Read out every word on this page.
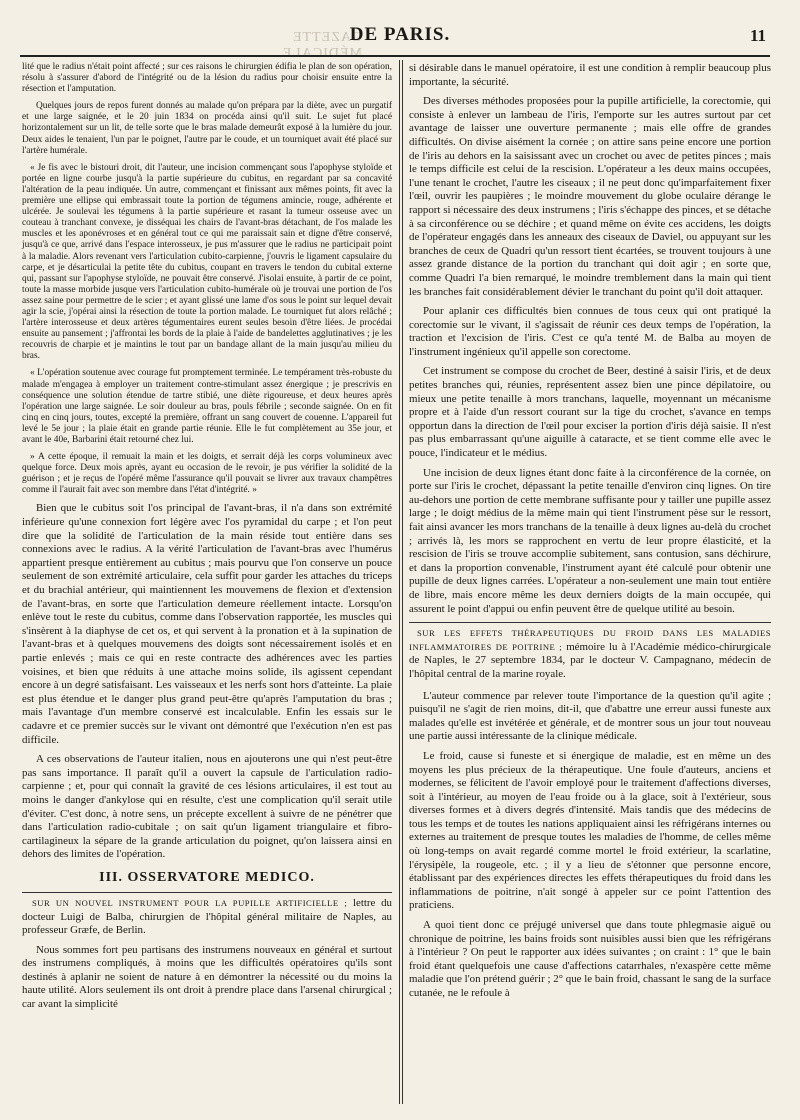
GAZETTE MÉDICALE
DE PARIS.	11

lité que le radius n'était point affecté ; sur ces raisons le chirurgien édifia le plan de son opération, résolu à s'assurer d'abord de l'intégrité ou de la lésion du radius pour choisir ensuite entre la résection et l'amputation.

Quelques jours de repos furent donnés au malade qu'on prépara par la diète, avec un purgatif et une large saignée, et le 20 juin 1834 on procéda ainsi qu'il suit. Le sujet fut placé horizontalement sur un lit, de telle sorte que le bras malade demeurât exposé à la lumière du jour. Deux aides le tenaient, l'un par le poignet, l'autre par le coude, et un tourniquet avait été placé sur l'artère humérale.

« Je fis avec le bistouri droit, dit l'auteur, une incision commençant sous l'apophyse styloïde et portée en ligne courbe jusqu'à la partie supérieure du cubitus, en regardant par sa concavité l'altération de la peau indiquée. Un autre, commençant et finissant aux mêmes points, fit avec la première une ellipse qui embrassait toute la portion de tégumens amincie, rouge, adhérente et ulcérée. Je soulevai les tégumens à la partie supérieure et rasant la tumeur osseuse avec un couteau à tranchant convexe, je disséquai les chairs de l'avant-bras détachant, de l'os malade les muscles et les aponévroses et en général tout ce qui me paraissait sain et digne d'être conservé, jusqu'à ce que, arrivé dans l'espace interosseux, je pus m'assurer que le radius ne participait point à la maladie. Alors revenant vers l'articulation cubito-carpienne, j'ouvris le ligament capsulaire du carpe, et je désarticulai la petite tête du cubitus, coupant en travers le tendon du cubital externe qui, passant sur l'apophyse styloïde, ne pouvait être conservé. J'isolai ensuite, à partir de ce point, toute la masse morbide jusque vers l'articulation cubito-humérale où je trouvai une portion de l'os assez saine pour permettre de le scier ; et ayant glissé une lame d'os sous le point sur lequel devait agir la scie, j'opérai ainsi la résection de toute la portion malade. Le tourniquet fut alors relâché ; l'artère interosseuse et deux artères tégumentaires eurent seules besoin d'être liées. Je procédai ensuite au pansement ; j'affrontai les bords de la plaie à l'aide de bandelettes agglutinatives ; je les recouvris de charpie et je maintins le tout par un bandage allant de la main jusqu'au milieu du bras.

« L'opération soutenue avec courage fut promptement terminée. Le tempérament très-robuste du malade m'engagea à employer un traitement contre-stimulant assez énergique ; je prescrivis en conséquence une solution étendue de tartre stibié, une diète rigoureuse, et deux heures après l'opération une large saignée. Le soir douleur au bras, pouls fébrile ; seconde saignée. On en fit cinq en cinq jours, toutes, excepté la première, offrant un sang couvert de couenne. L'appareil fut levé le 5e jour ; la plaie était en grande partie réunie. Elle le fut complètement au 35e jour, et avant le 40e, Barbarini était retourné chez lui.

» A cette époque, il remuait la main et les doigts, et serrait déjà les corps volumineux avec quelque force. Deux mois après, ayant eu occasion de le revoir, je pus vérifier la solidité de la guérison ; et je reçus de l'opéré même l'assurance qu'il pouvait se livrer aux travaux champêtres comme il l'aurait fait avec son membre dans l'état d'intégrité. »

Bien que le cubitus soit l'os principal de l'avant-bras, il n'a dans son extrémité inférieure qu'une connexion fort légère avec l'os pyramidal du carpe ; et l'on peut dire que la solidité de l'articulation de la main réside tout entière dans ses connexions avec le radius. A la vérité l'articulation de l'avant-bras avec l'humérus appartient presque entièrement au cubitus ; mais pourvu que l'on conserve un pouce seulement de son extrémité articulaire, cela suffit pour garder les attaches du triceps et du brachial antérieur, qui maintiennent les mouvemens de flexion et d'extension de l'avant-bras, en sorte que l'articulation demeure réellement intacte. Lorsqu'on enlève tout le reste du cubitus, comme dans l'observation rapportée, les muscles qui s'insèrent à la diaphyse de cet os, et qui servent à la pronation et à la supination de l'avant-bras et à quelques mouvemens des doigts sont nécessairement isolés et en partie enlevés ; mais ce qui en reste contracte des adhérences avec les parties voisines, et bien que réduits à une attache moins solide, ils agissent cependant encore à un degré satisfaisant. Les vaisseaux et les nerfs sont hors d'atteinte. La plaie est plus étendue et le danger plus grand peut-être qu'après l'amputation du bras ; mais l'avantage d'un membre conservé est incalculable. Enfin les essais sur le cadavre et ce premier succès sur le vivant ont démontré que l'exécution n'en est pas difficile.

A ces observations de l'auteur italien, nous en ajouterons une qui n'est peut-être pas sans importance. Il paraît qu'il a ouvert la capsule de l'articulation radio-carpienne ; et, pour qui connaît la gravité de ces lésions articulaires, il est tout au moins le danger d'ankylose qui en résulte, c'est une complication qu'il serait utile d'éviter. C'est donc, à notre sens, un précepte excellent à suivre de ne pénétrer que dans l'articulation radio-cubitale ; on sait qu'un ligament triangulaire et fibro-cartilagineux la sépare de la grande articulation du poignet, qu'on laissera ainsi en dehors des limites de l'opération.

III. OSSERVATORE MEDICO.

SUR UN NOUVEL INSTRUMENT POUR LA PUPILLE ARTIFICIELLE ; lettre du docteur Luigi de Balba, chirurgien de l'hôpital général militaire de Naples, au professeur Græfe, de Berlin.

Nous sommes fort peu partisans des instrumens nouveaux en général et surtout des instrumens compliqués, à moins que les difficultés opératoires qu'ils sont destinés à aplanir ne soient de nature à en démontrer la nécessité ou du moins la haute utilité. Alors seulement ils ont droit à prendre place dans l'arsenal chirurgical ; car avant la simplicité

si désirable dans le manuel opératoire, il est une condition à remplir beaucoup plus importante, la sécurité.

Des diverses méthodes proposées pour la pupille artificielle, la corectomie, qui consiste à enlever un lambeau de l'iris, l'emporte sur les autres surtout par cet avantage de laisser une ouverture permanente ; mais elle offre de grandes difficultés. On divise aisément la cornée ; on attire sans peine encore une portion de l'iris au dehors en la saisissant avec un crochet ou avec de petites pinces ; mais le temps difficile est celui de la rescision. L'opérateur a les deux mains occupées, l'une tenant le crochet, l'autre les ciseaux ; il ne peut donc qu'imparfaitement fixer l'œil, ouvrir les paupières ; le moindre mouvement du globe oculaire dérange le rapport si nécessaire des deux instrumens ; l'iris s'échappe des pinces, et se détache à sa circonférence ou se déchire ; et quand même on évite ces accidens, les doigts de l'opérateur engagés dans les anneaux des ciseaux de Daviel, ou appuyant sur les branches de ceux de Quadri qu'un ressort tient écartées, se trouvent toujours à une assez grande distance de la portion du tranchant qui doit agir ; en sorte que, comme Quadri l'a bien remarqué, le moindre tremblement dans la main qui tient les branches fait considérablement dévier le tranchant du point qu'il doit attaquer.

Pour aplanir ces difficultés bien connues de tous ceux qui ont pratiqué la corectomie sur le vivant, il s'agissait de réunir ces deux temps de l'opération, la traction et l'excision de l'iris. C'est ce qu'a tenté M. de Balba au moyen de l'instrument ingénieux qu'il appelle son corectome.

Cet instrument se compose du crochet de Beer, destiné à saisir l'iris, et de deux petites branches qui, réunies, représentent assez bien une pince dépilatoire, ou mieux une petite tenaille à mors tranchans, laquelle, moyennant un mécanisme propre et à l'aide d'un ressort courant sur la tige du crochet, s'avance en temps opportun dans la direction de l'œil pour exciser la portion d'iris déjà saisie. Il n'est pas plus embarrassant qu'une aiguille à cataracte, et se tient comme elle avec le pouce, l'indicateur et le médius.

Une incision de deux lignes étant donc faite à la circonférence de la cornée, on porte sur l'iris le crochet, dépassant la petite tenaille d'environ cinq lignes. On tire au-dehors une portion de cette membrane suffisante pour y tailler une pupille assez large ; le doigt médius de la même main qui tient l'instrument pèse sur le ressort, fait ainsi avancer les mors tranchans de la tenaille à deux lignes au-delà du crochet ; arrivés là, les mors se rapprochent en vertu de leur propre élasticité, et la rescision de l'iris se trouve accomplie subitement, sans contusion, sans déchirure, et dans la proportion convenable, l'instrument ayant été calculé pour obtenir une pupille de deux lignes carrées. L'opérateur a non-seulement une main tout entière de libre, mais encore même les deux derniers doigts de la main occupée, qui assurent le point d'appui ou enfin peuvent être de quelque utilité au besoin.

SUR LES EFFETS THÉRAPEUTIQUES DU FROID DANS LES MALADIES INFLAMMATOIRES DE POITRINE ; mémoire lu à l'Académie médico-chirurgicale de Naples, le 27 septembre 1834, par le docteur V. Campagnano, médecin de l'hôpital central de la marine royale.

L'auteur commence par relever toute l'importance de la question qu'il agite ; puisqu'il ne s'agit de rien moins, dit-il, que d'abattre une erreur aussi funeste aux malades qu'elle est invétérée et générale, et de montrer sous un jour tout nouveau une partie aussi intéressante de la clinique médicale.

Le froid, cause si funeste et si énergique de maladie, est en même un des moyens les plus précieux de la thérapeutique. Une foule d'auteurs, anciens et modernes, se félicitent de l'avoir employé pour le traitement d'affections diverses, soit à l'intérieur, au moyen de l'eau froide ou à la glace, soit à l'extérieur, sous diverses formes et à divers degrés d'intensité. Mais tandis que des médecins de tous les temps et de toutes les nations appliquaient ainsi les réfrigérans internes ou externes au traitement de presque toutes les maladies de l'homme, de celles même où long-temps on avait regardé comme mortel le froid extérieur, la scarlatine, l'érysipèle, la rougeole, etc. ; il y a lieu de s'étonner que personne encore, établissant par des expériences directes les effets thérapeutiques du froid dans les inflammations de poitrine, n'ait songé à appeler sur ce point l'attention des praticiens.

A quoi tient donc ce préjugé universel que dans toute phlegmasie aiguë ou chronique de poitrine, les bains froids sont nuisibles aussi bien que les réfrigérans à l'intérieur ? On peut le rapporter aux idées suivantes ; on craint : 1° que le bain froid étant quelquefois une cause d'affections catarrhales, n'exaspère cette même maladie que l'on prétend guérir ; 2° que le bain froid, chassant le sang de la surface cutanée, ne le refoule à
